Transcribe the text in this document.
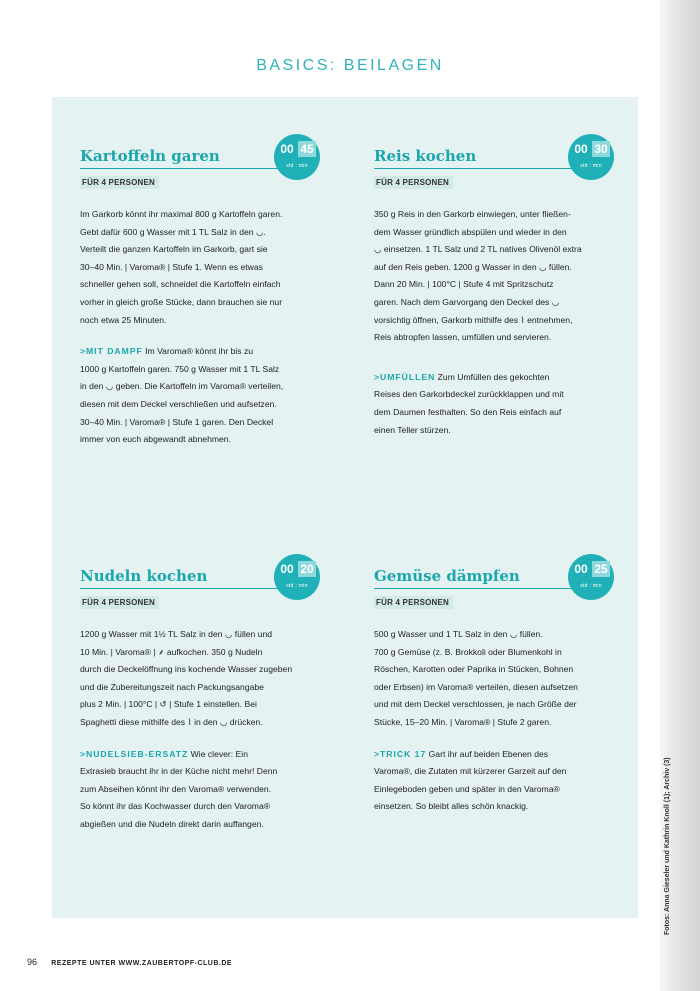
BASICS: BEILAGEN
Kartoffeln garen	00 45
std : min
FÜR 4 PERSONEN

Im Garkorb könnt ihr maximal 800 g Kartoffeln garen.
Gebt dafür 600 g Wasser mit 1 TL Salz in den ◡.
Verteilt die ganzen Kartoffeln im Garkorb, gart sie
30–40 Min. | Varoma® | Stufe 1. Wenn es etwas
schneller gehen soll, schneidet die Kartoffeln einfach
vorher in gleich große Stücke, dann brauchen sie nur
noch etwa 25 Minuten.

>MIT DAMPF Im Varoma® könnt ihr bis zu
1000 g Kartoffeln garen. 750 g Wasser mit 1 TL Salz
in den ◡ geben. Die Kartoffeln im Varoma® verteilen,
diesen mit dem Deckel verschließen und aufsetzen.
30–40 Min. | Varoma® | Stufe 1 garen. Den Deckel
immer von euch abgewandt abnehmen.

Reis kochen	00 30
std : min
FÜR 4 PERSONEN

350 g Reis in den Garkorb einwiegen, unter fließen-
dem Wasser gründlich abspülen und wieder in den
◡ einsetzen. 1 TL Salz und 2 TL natives Olivenöl extra
auf den Reis geben. 1200 g Wasser in den ◡ füllen.
Dann 20 Min. | 100°C | Stufe 4 mit Spritzschutz
garen. Nach dem Garvorgang den Deckel des ◡
vorsichtig öffnen, Garkorb mithilfe des ⌇ entnehmen,
Reis abtropfen lassen, umfüllen und servieren.

>UMFÜLLEN Zum Umfüllen des gekochten
Reises den Garkorbdeckel zurückklappen und mit
dem Daumen festhalten. So den Reis einfach auf
einen Teller stürzen.

Nudeln kochen	00 20
std : min
FÜR 4 PERSONEN

1200 g Wasser mit 1½ TL Salz in den ◡ füllen und
10 Min. | Varoma® | ⸙ aufkochen. 350 g Nudeln
durch die Deckelöffnung ins kochende Wasser zugeben
und die Zubereitungszeit nach Packungsangabe
plus 2 Min. | 100°C | ↺ | Stufe 1 einstellen. Bei
Spaghetti diese mithilfe des ⌇ in den ◡ drücken.

>NUDELSIEB-ERSATZ Wie clever: Ein
Extrasieb braucht ihr in der Küche nicht mehr! Denn
zum Abseihen könnt ihr den Varoma® verwenden.
So könnt ihr das Kochwasser durch den Varoma®
abgießen und die Nudeln direkt darin auffangen.

Gemüse dämpfen	00 25
std : min
FÜR 4 PERSONEN

500 g Wasser und 1 TL Salz in den ◡ füllen.
700 g Gemüse (z. B. Brokkoli oder Blumenkohl in
Röschen, Karotten oder Paprika in Stücken, Bohnen
oder Erbsen) im Varoma® verteilen, diesen aufsetzen
und mit dem Deckel verschlossen, je nach Größe der
Stücke, 15–20 Min. | Varoma® | Stufe 2 garen.

>TRICK 17 Gart ihr auf beiden Ebenen des
Varoma®, die Zutaten mit kürzerer Garzeit auf den
Einlegeboden geben und später in den Varoma®
einsetzen. So bleibt alles schön knackig.	Fotos: Anna Gieseler und Kathrin Knoll (1); Archiv (3)
96 REZEPTE UNTER WWW.ZAUBERTOPF-CLUB.DE
